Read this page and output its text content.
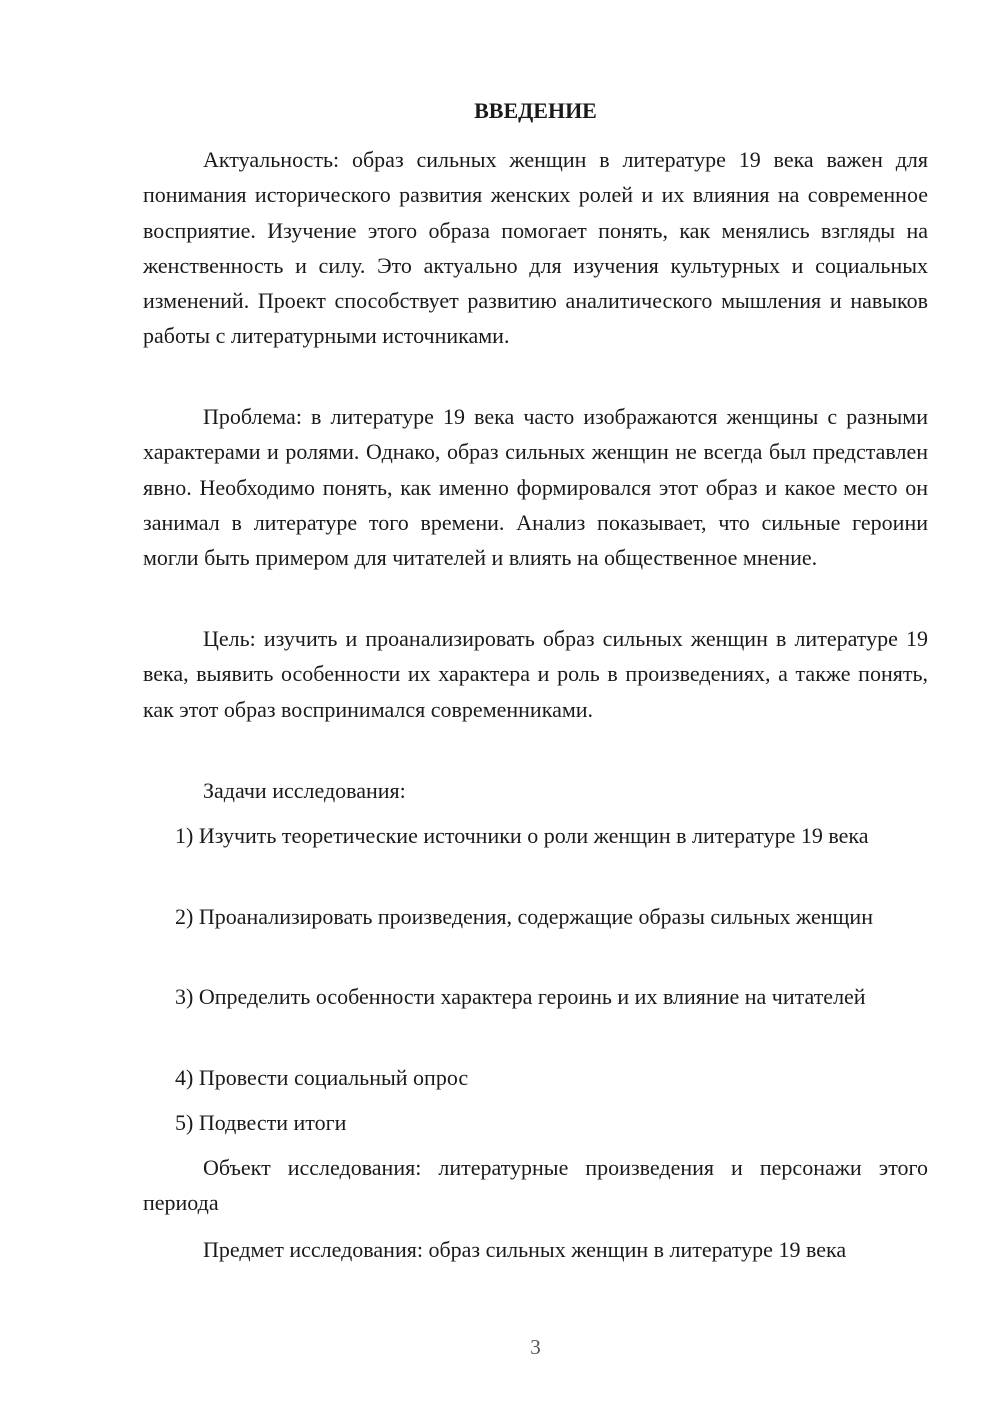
ВВЕДЕНИЕ

Актуальность: образ сильных женщин в литературе 19 века важен для понимания исторического развития женских ролей и их влияния на современное восприятие. Изучение этого образа помогает понять, как менялись взгляды на женственность и силу. Это актуально для изучения культурных и социальных изменений. Проект способствует развитию аналитического мышления и навыков работы с литературными источниками.

Проблема: в литературе 19 века часто изображаются женщины с разными характерами и ролями. Однако, образ сильных женщин не всегда был представлен явно. Необходимо понять, как именно формировался этот образ и какое место он занимал в литературе того времени. Анализ показывает, что сильные героини могли быть примером для читателей и влиять на общественное мнение.

Цель: изучить и проанализировать образ сильных женщин в литературе 19 века, выявить особенности их характера и роль в произведениях, а также понять, как этот образ воспринимался современниками.

Задачи исследования:

1) Изучить теоретические источники о роли женщин в литературе 19 века

2) Проанализировать произведения, содержащие образы сильных женщин

3) Определить особенности характера героинь и их влияние на читателей

4) Провести социальный опрос

5) Подвести итоги

Объект исследования: литературные произведения и персонажи этого периода

Предмет исследования: образ сильных женщин в литературе 19 века

3
